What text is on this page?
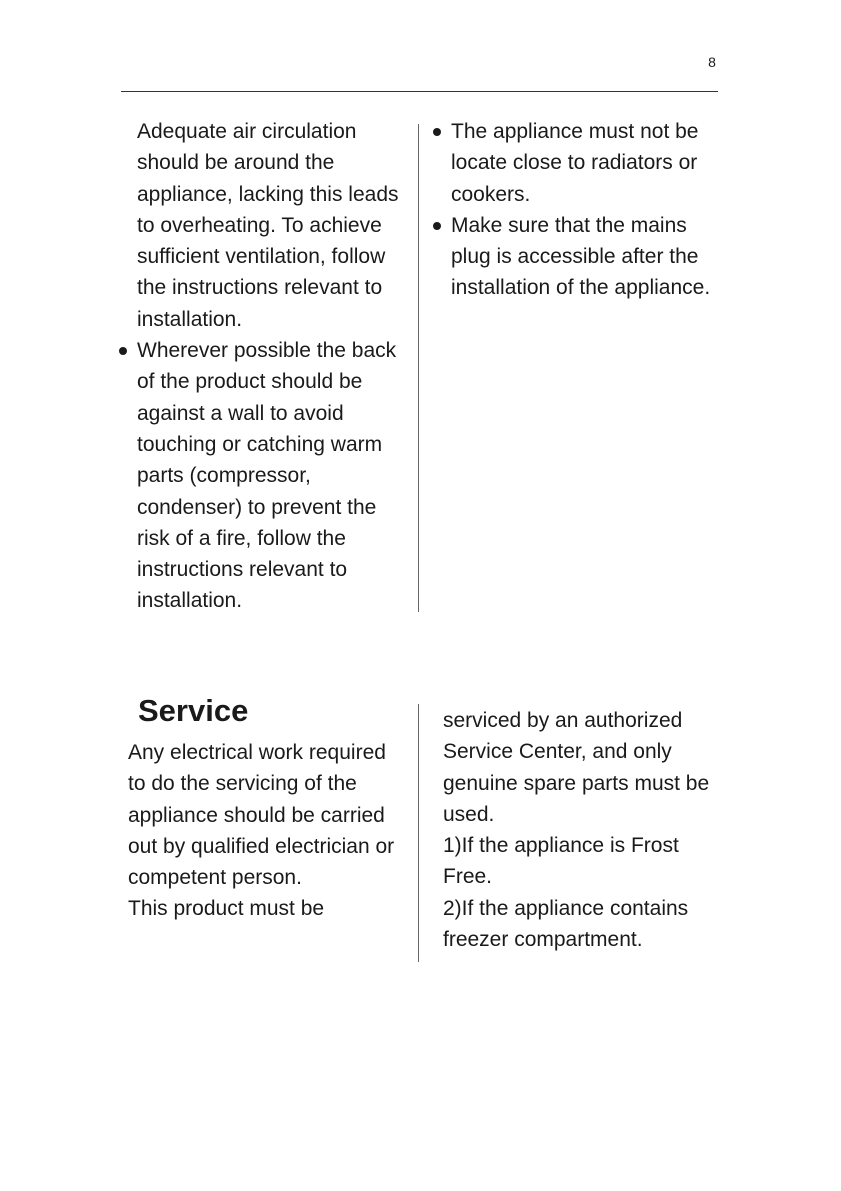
8

Adequate air circulation should be around the appliance, lacking this leads to overheating. To achieve sufficient ventilation, follow the instructions relevant to installation.

Wherever possible the back of the product should be against a wall to avoid touching or catching warm parts (compressor, condenser) to prevent the risk of a fire, follow the instructions relevant to installation.

The appliance must not be locate close to radiators or cookers.

Make sure that the mains plug is accessible after the installation of the appliance.

Service

Any electrical work required to do the servicing of the appliance should be carried out by qualified electrician or competent person.

This product must be

serviced by an authorized Service Center, and only genuine spare parts must be used.

1)If the appliance is Frost Free.

2)If the appliance contains freezer compartment.
